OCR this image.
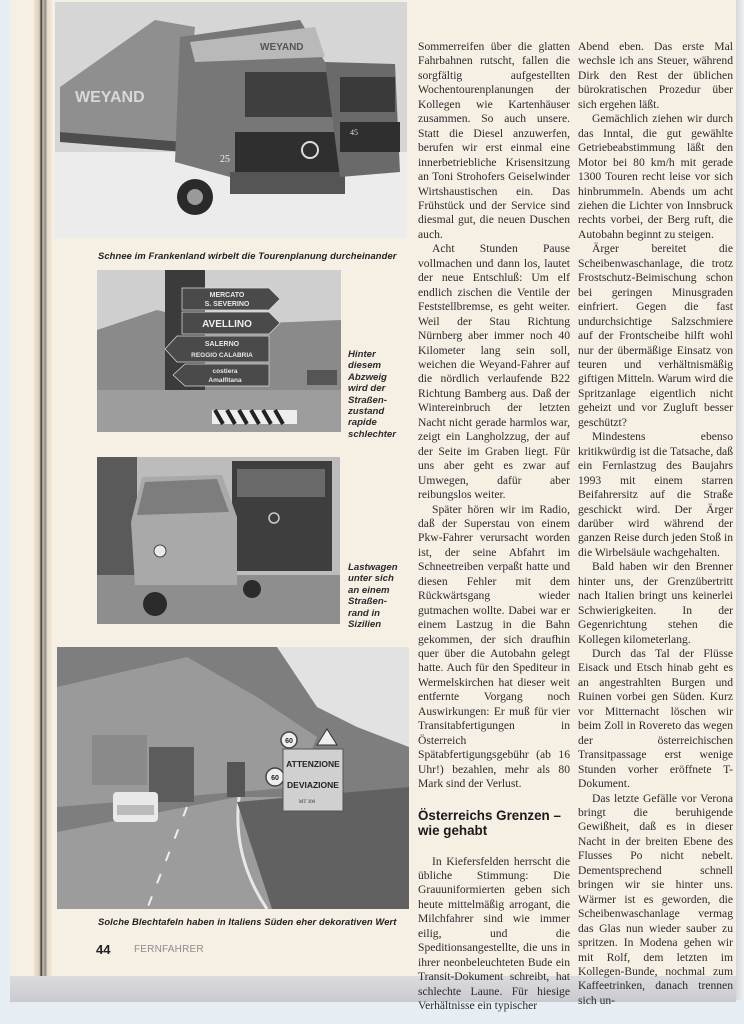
WEYAND
WEYAND
25
45
Schnee im Frankenland wirbelt die Tourenplanung durcheinander
MERCATO
S. SEVERINO
AVELLINO
SALERNO
REGGIO CALABRIA
costiera
Amalfitana
Hinter
diesem
Abzweig
wird der
Straßen-
zustand
rapide
schlechter
Lastwagen
unter sich
an einem
Straßen-
rand in
Sizilien
60
60
ATTENZIONE
DEVIAZIONE
MT 300
Solche Blechtafeln haben in Italiens Süden eher dekorativen Wert
44 FERNFAHRER

Sommerreifen über die glatten Fahrbahnen rutscht, fallen die sorgfältig aufgestellten Wochentourenplanungen der Kollegen wie Kartenhäuser zusammen. So auch unsere. Statt die Diesel anzuwerfen, berufen wir erst einmal eine innerbetriebliche Krisensitzung an Toni Strohofers Geiselwinder Wirtshaustischen ein. Das Frühstück und der Service sind diesmal gut, die neuen Duschen auch.

Acht Stunden Pause vollmachen und dann los, lautet der neue Entschluß: Um elf endlich zischen die Ventile der Feststellbremse, es geht weiter. Weil der Stau Richtung Nürnberg aber immer noch 40 Kilometer lang sein soll, weichen die Weyand-Fahrer auf die nördlich verlaufende B22 Richtung Bamberg aus. Daß der Wintereinbruch der letzten Nacht nicht gerade harmlos war, zeigt ein Langholzzug, der auf der Seite im Graben liegt. Für uns aber geht es zwar auf Umwegen, dafür aber reibungslos weiter.

Später hören wir im Radio, daß der Superstau von einem Pkw-Fahrer verursacht worden ist, der seine Abfahrt im Schneetreiben verpaßt hatte und diesen Fehler mit dem Rückwärtsgang wieder gutmachen wollte. Dabei war er einem Lastzug in die Bahn gekommen, der sich draufhin quer über die Autobahn gelegt hatte. Auch für den Spediteur in Wermelskirchen hat dieser weit entfernte Vorgang noch Auswirkungen: Er muß für vier Transitabfertigungen in Österreich Spätabfertigungsgebühr (ab 16 Uhr!) bezahlen, mehr als 80 Mark sind der Verlust.

Österreichs Grenzen – wie gehabt

In Kiefersfelden herrscht die übliche Stimmung: Die Grauuniformierten geben sich heute mittelmäßig arrogant, die Milchfahrer sind wie immer eilig, und die Speditionsangestellte, die uns in ihrer neonbeleuchteten Bude ein Transit-Dokument schreibt, hat schlechte Laune. Für hiesige Verhältnisse ein typischer

Abend eben. Das erste Mal wechsle ich ans Steuer, während Dirk den Rest der üblichen bürokratischen Prozedur über sich ergehen läßt.

Gemächlich ziehen wir durch das Inntal, die gut gewählte Getriebeabstimmung läßt den Motor bei 80 km/h mit gerade 1300 Touren recht leise vor sich hinbrummeln. Abends um acht ziehen die Lichter von Innsbruck rechts vorbei, der Berg ruft, die Autobahn beginnt zu steigen.

Ärger bereitet die Scheibenwaschanlage, die trotz Frostschutz-Beimischung schon bei geringen Minusgraden einfriert. Gegen die fast undurchsichtige Salzschmiere auf der Frontscheibe hilft wohl nur der übermäßige Einsatz von teuren und verhältnismäßig giftigen Mitteln. Warum wird die Spritzanlage eigentlich nicht geheizt und vor Zugluft besser geschützt?

Mindestens ebenso kritikwürdig ist die Tatsache, daß ein Fernlastzug des Baujahrs 1993 mit einem starren Beifahrersitz auf die Straße geschickt wird. Der Ärger darüber wird während der ganzen Reise durch jeden Stoß in die Wirbelsäule wachgehalten.

Bald haben wir den Brenner hinter uns, der Grenzübertritt nach Italien bringt uns keinerlei Schwierigkeiten. In der Gegenrichtung stehen die Kollegen kilometerlang.

Durch das Tal der Flüsse Eisack und Etsch hinab geht es an angestrahlten Burgen und Ruinen vorbei gen Süden. Kurz vor Mitternacht löschen wir beim Zoll in Rovereto das wegen der österreichischen Transitpassage erst wenige Stunden vorher eröffnete T-Dokument.

Das letzte Gefälle vor Verona bringt die beruhigende Gewißheit, daß es in dieser Nacht in der breiten Ebene des Flusses Po nicht nebelt. Dementsprechend schnell bringen wir sie hinter uns. Wärmer ist es geworden, die Scheibenwaschanlage vermag das Glas nun wieder sauber zu spritzen. In Modena gehen wir mit Rolf, dem letzten im Kollegen-Bunde, nochmal zum Kaffeetrinken, danach trennen sich un-
